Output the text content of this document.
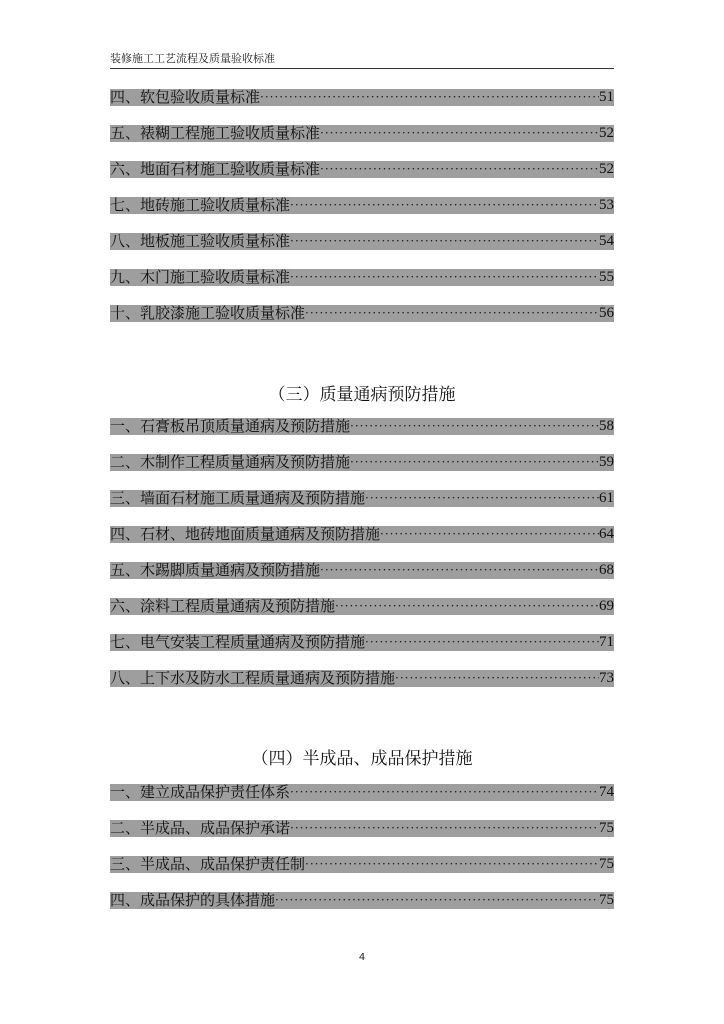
装修施工工艺流程及质量验收标准
四、软包验收质量标准 ·····	51
五、裱糊工程施工验收质量标准 ·····	52
六、地面石材施工验收质量标准 ·····	52
七、地砖施工验收质量标准 ·····	53
八、地板施工验收质量标准 ·····	54
九、木门施工验收质量标准 ·····	55
十、乳胶漆施工验收质量标准 ·····	56
（三）质量通病预防措施
一、石膏板吊顶质量通病及预防措施 ·····	58
二、木制作工程质量通病及预防措施 ·····	59
三、墙面石材施工质量通病及预防措施 ·····	61
四、石材、地砖地面质量通病及预防措施 ·····	64
五、木踢脚质量通病及预防措施 ·····	68
六、涂料工程质量通病及预防措施 ·····	69
七、电气安装工程质量通病及预防措施 ·····	71
八、上下水及防水工程质量通病及预防措施 ·····	73
（四）半成品、成品保护措施
一、建立成品保护责任体系 ·····	74
二、半成品、成品保护承诺 ·····	75
三、半成品、成品保护责任制 ·····	75
四、成品保护的具体措施 ·····	75
4
